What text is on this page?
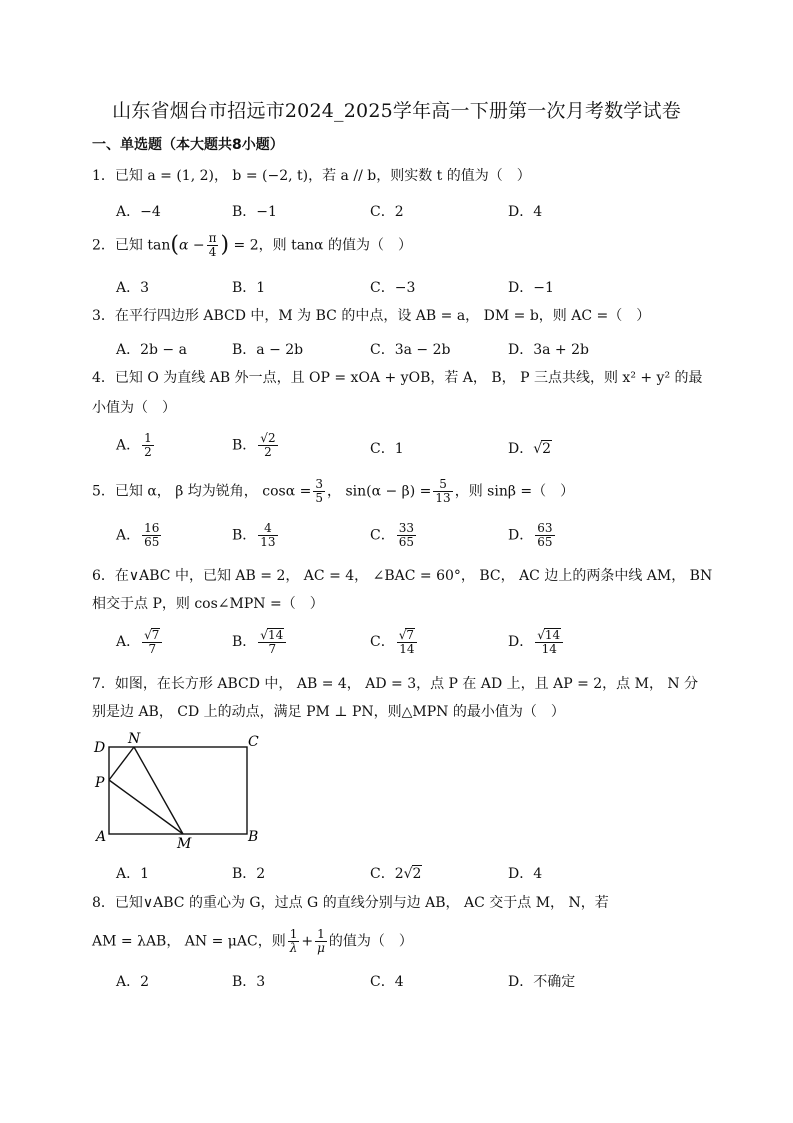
山东省烟台市招远市2024_2025学年高一下册第一次月考数学试卷
一、单选题（本大题共8小题）
1．已知 a = (1, 2)， b = (−2, t)，若 a // b，则实数 t 的值为（　）
A．−4	B．−1	C．2	D．4
2．已知 $\tan(\alpha - \frac{\pi}{4}$ ) = 2，则 tanα 的值为（　）
A．3	B．1	C．−3	D．−1
3．在平行四边形 ABCD 中，M 为 BC 的中点，设 AB = a， DM = b，则 AC =（　）
A．2b − a	B．a − 2b	C．3a − 2b	D．3a + 2b
4．已知 O 为直线 AB 外一点，且 OP = xOA + yOB，若 A， B， P 三点共线，则 x² + y² 的最
小值为（　）
A． $\frac{1}{2}$	B． $\frac{√2}{2}$	C．1	D．√2
5．已知 α， β 均为锐角， $\cos\alpha = \frac{3}{5}$ ， $\sin(\alpha - \beta) = \frac{5}{13}$ ，则 sinβ =（　）
A． $\frac{16}{65}$	B． $\frac{4}{13}$	C． $\frac{33}{65}$	D． $\frac{63}{65}$
6．在∨ABC 中，已知 AB = 2， AC = 4， ∠BAC = 60°， BC， AC 边上的两条中线 AM， BN
相交于点 P，则 cos∠MPN =（　）
A． $\frac{√7}{7}$	B． $\frac{√14}{7}$	C． $\frac{√7}{14}$	D． $\frac{√14}{14}$
7．如图，在长方形 ABCD 中， AB = 4， AD = 3，点 P 在 AD 上，且 AP = 2，点 M， N 分
别是边 AB， CD 上的动点，满足 PM ⊥ PN，则△MPN 的最小值为（　）
D
N	C
P
A	M	B
A．1	B．2	C．2√2	D．4
8．已知∨ABC 的重心为 G，过点 G 的直线分别与边 AB， AC 交于点 M， N，若
AM = λAB， AN = μAC，则 $\frac{1}{\lambda} + \frac{1}{\mu}$ 的值为（　）
A．2	B．3	C．4	D．不确定
